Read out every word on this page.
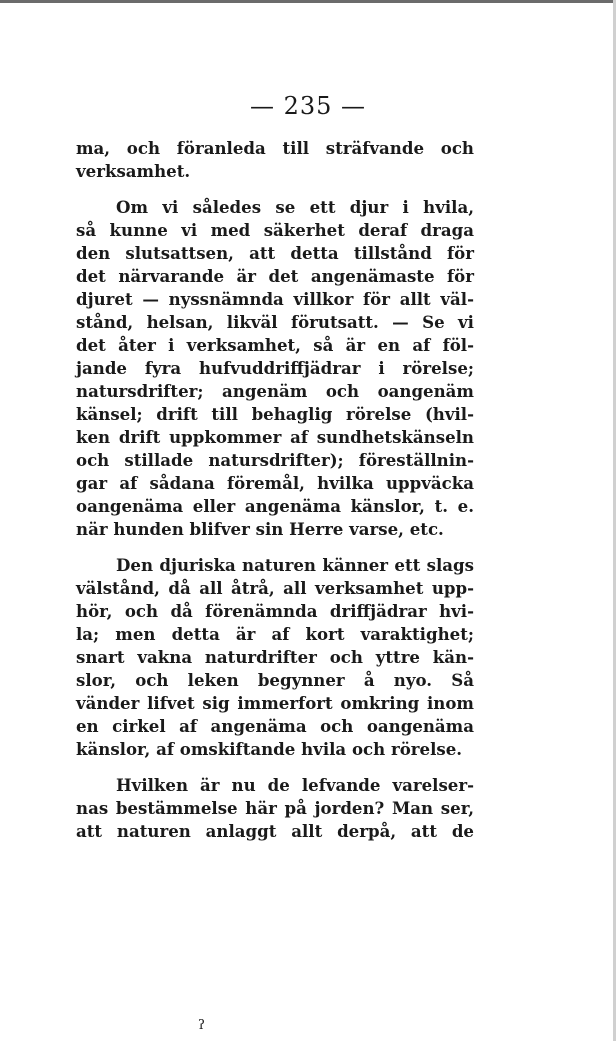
— 235 —
ma, och föranleda till sträfvande och
verksamhet.
Om vi således se ett djur i hvila,
så kunne vi med säkerhet deraf draga
den slutsattsen, att detta tillstånd för
det närvarande är det angenämaste för
djuret — nyssnämnda villkor för allt väl-
stånd, helsan, likväl förutsatt. — Se vi
det åter i verksamhet, så är en af föl-
jande fyra hufvuddriffjädrar i rörelse;
natursdrifter; angenäm och oangenäm
känsel; drift till behaglig rörelse (hvil-
ken drift uppkommer af sundhetskänseln
och stillade natursdrifter); föreställnin-
gar af sådana föremål, hvilka uppväcka
oangenäma eller angenäma känslor, t. e.
när hunden blifver sin Herre varse, etc.
Den djuriska naturen känner ett slags
välstånd, då all åtrå, all verksamhet upp-
hör, och då förenämnda driffjädrar hvi-
la; men detta är af kort varaktighet;
snart vakna naturdrifter och yttre kän-
slor, och leken begynner å nyo. Så
vänder lifvet sig immerfort omkring inom
en cirkel af angenäma och oangenäma
känslor, af omskiftande hvila och rörelse.
Hvilken är nu de lefvande varelser-
nas bestämmelse här på jorden? Man ser,
att naturen anlaggt allt derpå, att de
ʔ
